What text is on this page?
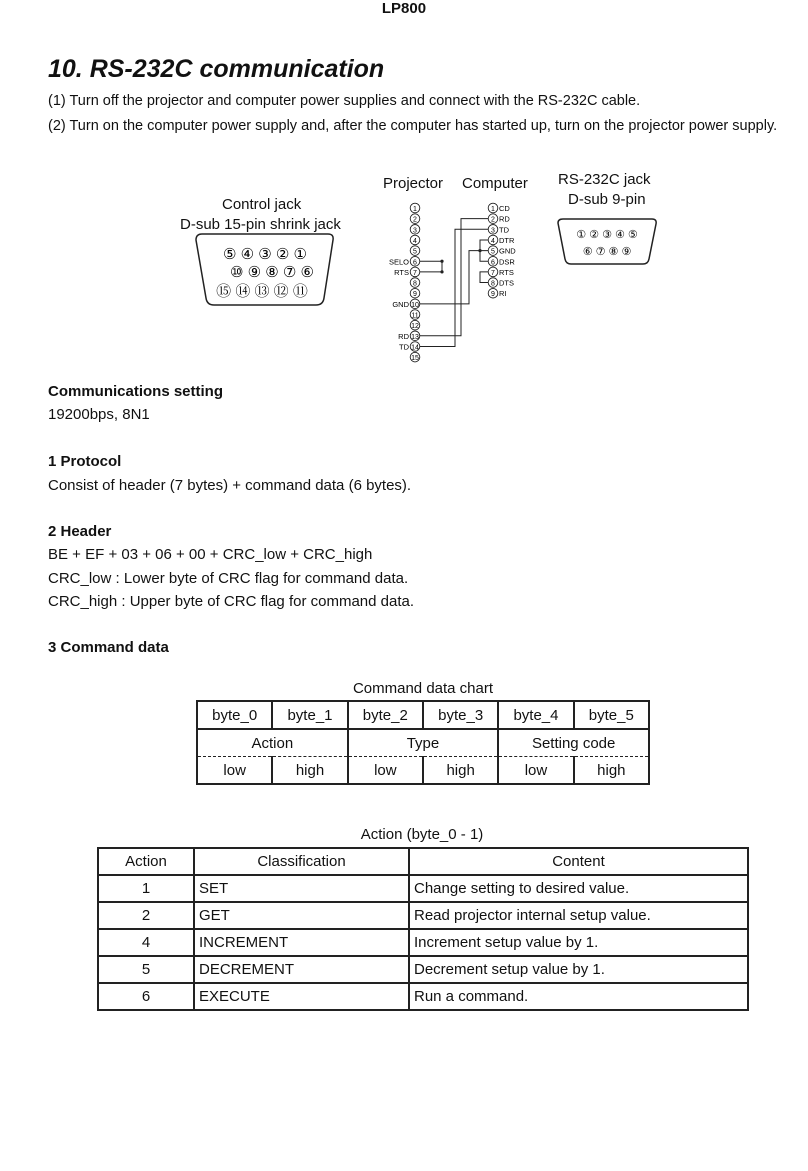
LP800
10. RS-232C communication
(1) Turn off the projector and computer power supplies and connect with the RS-232C cable.
(2) Turn on the computer power supply and, after the computer has started up, turn on the projector power supply.
Control jack
D-sub 15-pin shrink jack
Projector Computer RS-232C jack
D-sub 9-pin
⑤ ④ ③ ② ①
⑩ ⑨ ⑧ ⑦ ⑥
⑮ ⑭ ⑬ ⑫ ⑪
① ② ③ ④ ⑤
⑥ ⑦ ⑧ ⑨
1
2
3
4
5
6
7
8
9
10
11
12
13
14
15
SELO
RTS
GND
RD
TD
1 CD
2 RD
3 TD
4 DTR
5 GND
6 DSR
7 RTS
8 DTS
9 RI
Communications setting
19200bps, 8N1
1 Protocol
Consist of header (7 bytes) + command data (6 bytes).
2 Header
BE + EF + 03 + 06 + 00 + CRC_low + CRC_high
CRC_low : Lower byte of CRC flag for command data.
CRC_high : Upper byte of CRC flag for command data.
3 Command data
Command data chart
byte_0	byte_1	byte_2	byte_3	byte_4	byte_5
Action		Type		Setting code	
low	high	low	high	low	high
Action (byte_0 - 1)
Action	Classification	Content
1	SET	Change setting to desired value.
2	GET	Read projector internal setup value.
4	INCREMENT	Increment setup value by 1.
5	DECREMENT	Decrement setup value by 1.
6	EXECUTE	Run a command.
